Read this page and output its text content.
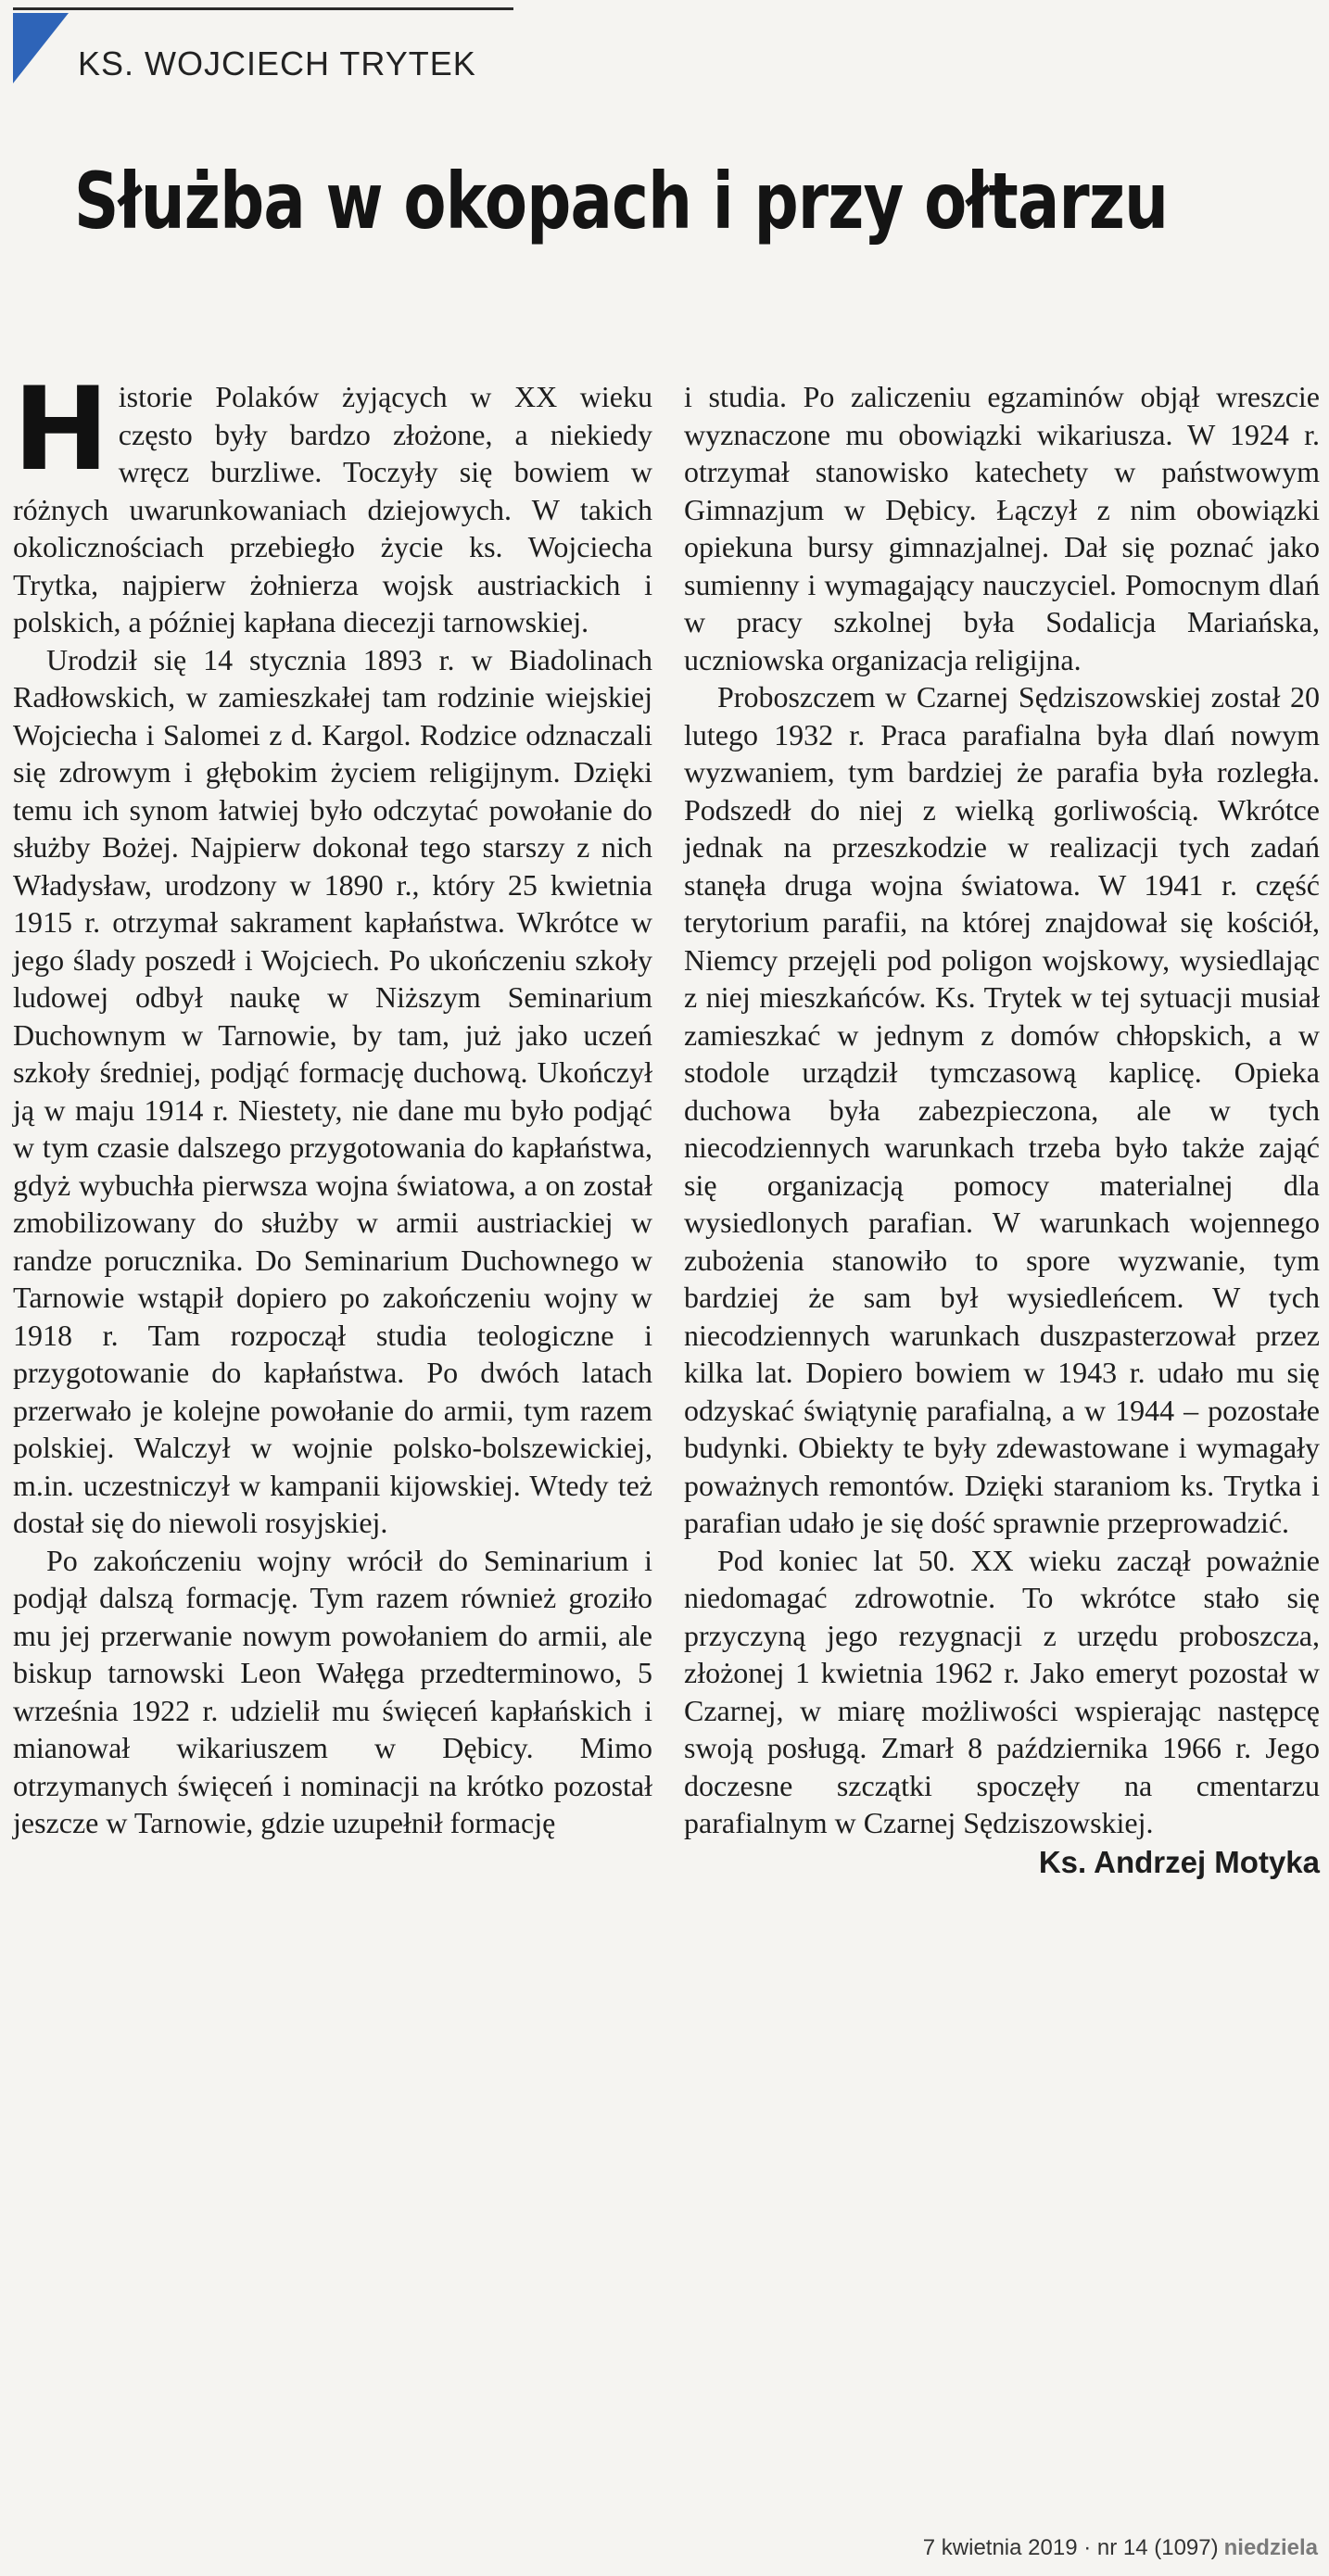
KS. WOJCIECH TRYTEK
Służba w okopach i przy ołtarzu

Historie Polaków żyjących w XX wieku często były bardzo złożone, a niekiedy wręcz burzliwe. Toczyły się bowiem w różnych uwarunkowaniach dziejowych. W takich okolicznościach przebiegło życie ks. Wojciecha Trytka, najpierw żołnierza wojsk austriackich i polskich, a później kapłana diecezji tarnowskiej.

Urodził się 14 stycznia 1893 r. w Biadolinach Radłowskich, w zamieszkałej tam rodzinie wiejskiej Wojciecha i Salomei z d. Kargol. Rodzice odznaczali się zdrowym i głębokim życiem religijnym. Dzięki temu ich synom łatwiej było odczytać powołanie do służby Bożej. Najpierw dokonał tego starszy z nich Władysław, urodzony w 1890 r., który 25 kwietnia 1915 r. otrzymał sakrament kapłaństwa. Wkrótce w jego ślady poszedł i Wojciech. Po ukończeniu szkoły ludowej odbył naukę w Niższym Seminarium Duchownym w Tarnowie, by tam, już jako uczeń szkoły średniej, podjąć formację duchową. Ukończył ją w maju 1914 r. Niestety, nie dane mu było podjąć w tym czasie dalszego przygotowania do kapłaństwa, gdyż wybuchła pierwsza wojna światowa, a on został zmobilizowany do służby w armii austriackiej w randze porucznika. Do Seminarium Duchownego w Tarnowie wstąpił dopiero po zakończeniu wojny w 1918 r. Tam rozpoczął studia teologiczne i przygotowanie do kapłaństwa. Po dwóch latach przerwało je kolejne powołanie do armii, tym razem polskiej. Walczył w wojnie polsko-bolszewickiej, m.in. uczestniczył w kampanii kijowskiej. Wtedy też dostał się do niewoli rosyjskiej.

Po zakończeniu wojny wrócił do Seminarium i podjął dalszą formację. Tym razem również groziło mu jej przerwanie nowym powołaniem do armii, ale biskup tarnowski Leon Wałęga przedterminowo, 5 września 1922 r. udzielił mu święceń kapłańskich i mianował wikariuszem w Dębicy. Mimo otrzymanych święceń i nominacji na krótko pozostał jeszcze w Tarnowie, gdzie uzupełnił formację

i studia. Po zaliczeniu egzaminów objął wreszcie wyznaczone mu obowiązki wikariusza. W 1924 r. otrzymał stanowisko katechety w państwowym Gimnazjum w Dębicy. Łączył z nim obowiązki opiekuna bursy gimnazjalnej. Dał się poznać jako sumienny i wymagający nauczyciel. Pomocnym dlań w pracy szkolnej była Sodalicja Mariańska, uczniowska organizacja religijna.

Proboszczem w Czarnej Sędziszowskiej został 20 lutego 1932 r. Praca parafialna była dlań nowym wyzwaniem, tym bardziej że parafia była rozległa. Podszedł do niej z wielką gorliwością. Wkrótce jednak na przeszkodzie w realizacji tych zadań stanęła druga wojna światowa. W 1941 r. część terytorium parafii, na której znajdował się kościół, Niemcy przejęli pod poligon wojskowy, wysiedlając z niej mieszkańców. Ks. Trytek w tej sytuacji musiał zamieszkać w jednym z domów chłopskich, a w stodole urządził tymczasową kaplicę. Opieka duchowa była zabezpieczona, ale w tych niecodziennych warunkach trzeba było także zająć się organizacją pomocy materialnej dla wysiedlonych parafian. W warunkach wojennego zubożenia stanowiło to spore wyzwanie, tym bardziej że sam był wysiedleńcem. W tych niecodziennych warunkach duszpasterzował przez kilka lat. Dopiero bowiem w 1943 r. udało mu się odzyskać świątynię parafialną, a w 1944 – pozostałe budynki. Obiekty te były zdewastowane i wymagały poważnych remontów. Dzięki staraniom ks. Trytka i parafian udało je się dość sprawnie przeprowadzić.

Pod koniec lat 50. XX wieku zaczął poważnie niedomagać zdrowotnie. To wkrótce stało się przyczyną jego rezygnacji z urzędu proboszcza, złożonej 1 kwietnia 1962 r. Jako emeryt pozostał w Czarnej, w miarę możliwości wspierając następcę swoją posługą. Zmarł 8 października 1966 r. Jego doczesne szczątki spoczęły na cmentarzu parafialnym w Czarnej Sędziszowskiej.

Ks. Andrzej Motyka
7 kwietnia 2019 · nr 14 (1097) niedziela
